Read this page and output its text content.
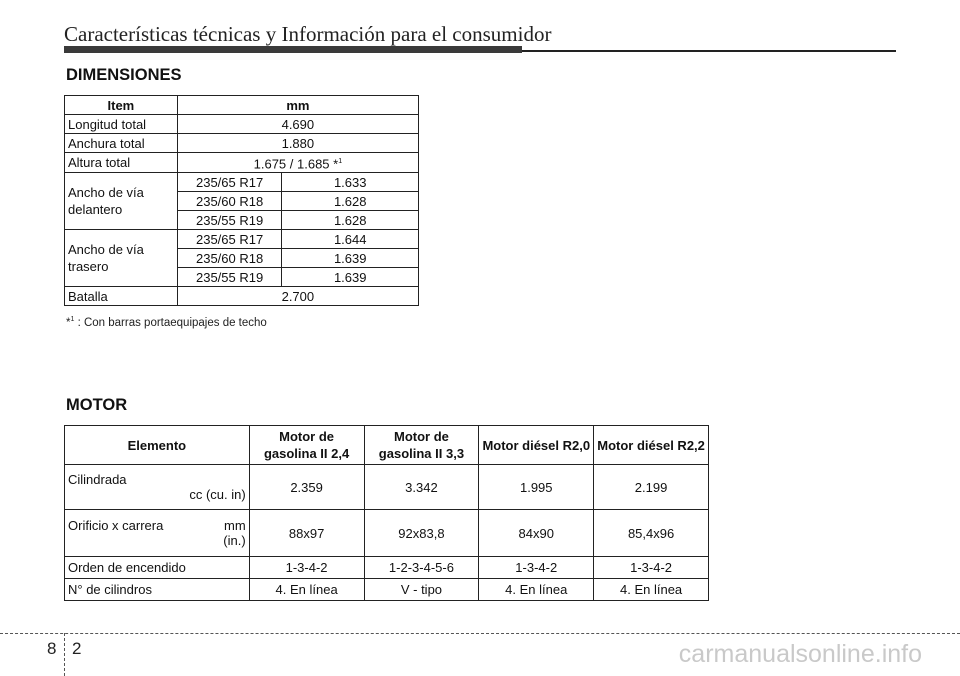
Características técnicas y Información para el consumidor
DIMENSIONES
Item	mm	
Longitud total	4.690	
Anchura total	1.880	
Altura total	1.675 / 1.685 *$^1$
Ancho de vía delantero	235/65 R17	1.633
	235/60 R18	1.628
	235/55 R19	1.628
Ancho de vía trasero	235/65 R17	1.644
	235/60 R18	1.639
	235/55 R19	1.639
Batalla	2.700	
*$^1$ : Con barras portaequipajes de techo
MOTOR
Elemento	Motor de gasolina II 2,4	Motor de gasolina II 3,3	Motor diésel R2,0	Motor diésel R2,2
Cilindrada
cc (cu. in)	2.359	3.342	1.995	2.199

Orificio x carrera mm
(in.)	88x97	92x83,8	84x90	85,4x96
Orden de encendido	1-3-4-2	1-2-3-4-5-6	1-3-4-2	1-3-4-2
N° de cilindros	4. En línea	V - tipo	4. En línea	4. En línea
8 2	carmanualsonline.info
